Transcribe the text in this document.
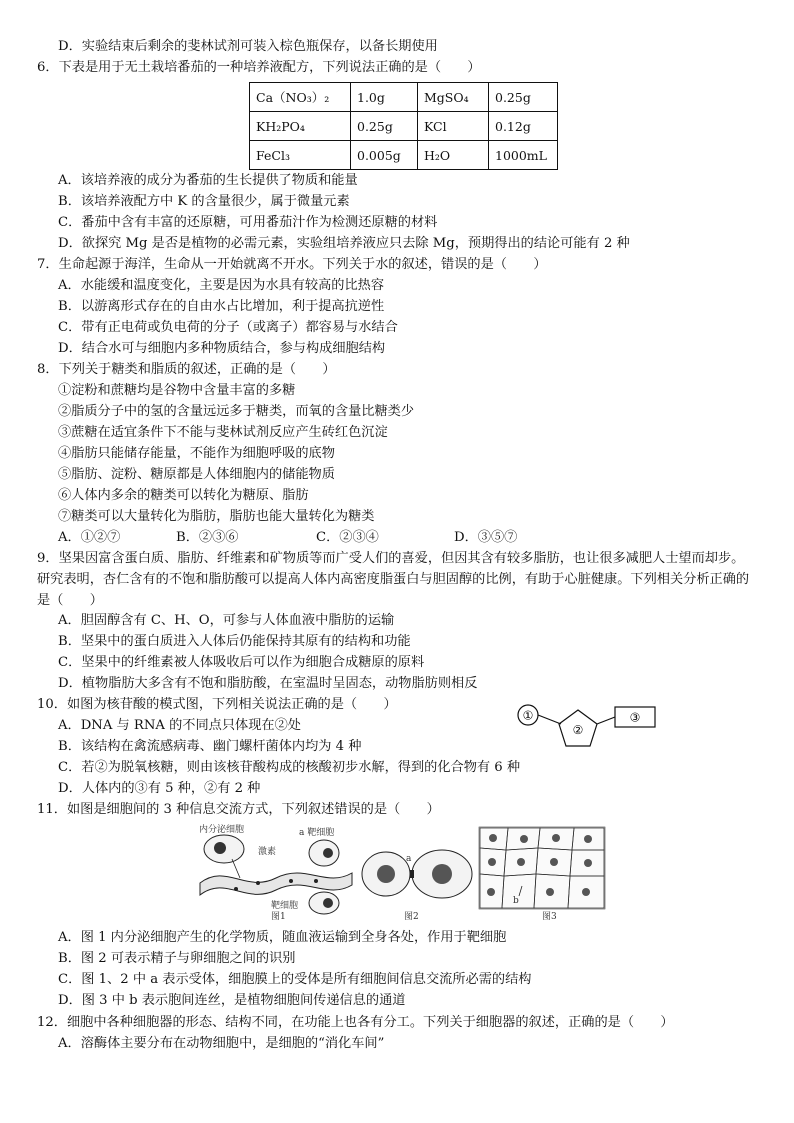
D．实验结束后剩余的斐林试剂可装入棕色瓶保存，以备长期使用
6．下表是用于无土栽培番茄的一种培养液配方，下列说法正确的是（　　）
Ca（NO₃）₂	1.0g	MgSO₄	0.25g
KH₂PO₄	0.25g	KCl	0.12g
FeCl₃	0.005g	H₂O	1000mL
A．该培养液的成分为番茄的生长提供了物质和能量
B．该培养液配方中 K 的含量很少，属于微量元素
C．番茄中含有丰富的还原糖，可用番茄汁作为检测还原糖的材料
D．欲探究 Mg 是否是植物的必需元素，实验组培养液应只去除 Mg，预期得出的结论可能有 2 种
7．生命起源于海洋，生命从一开始就离不开水。下列关于水的叙述，错误的是（　　）
A．水能缓和温度变化，主要是因为水具有较高的比热容
B．以游离形式存在的自由水占比增加，利于提高抗逆性
C．带有正电荷或负电荷的分子（或离子）都容易与水结合
D．结合水可与细胞内多种物质结合，参与构成细胞结构
8．下列关于糖类和脂质的叙述，正确的是（　　）
①淀粉和蔗糖均是谷物中含量丰富的多糖
②脂质分子中的氢的含量远远多于糖类，而氧的含量比糖类少
③蔗糖在适宜条件下不能与斐林试剂反应产生砖红色沉淀
④脂肪只能储存能量，不能作为细胞呼吸的底物
⑤脂肪、淀粉、糖原都是人体细胞内的储能物质
⑥人体内多余的糖类可以转化为糖原、脂肪
⑦糖类可以大量转化为脂肪，脂肪也能大量转化为糖类
A．①②⑦	B．②③⑥	C．②③④	D．③⑤⑦
9．坚果因富含蛋白质、脂肪、纤维素和矿物质等而广受人们的喜爱，但因其含有较多脂肪，也让很多减肥人士望而却步。研究表明，杏仁含有的不饱和脂肪酸可以提高人体内高密度脂蛋白与胆固醇的比例，有助于心脏健康。下列相关分析正确的是（　　）
A．胆固醇含有 C、H、O，可参与人体血液中脂肪的运输
B．坚果中的蛋白质进入人体后仍能保持其原有的结构和功能
C．坚果中的纤维素被人体吸收后可以作为细胞合成糖原的原料
D．植物脂肪大多含有不饱和脂肪酸，在室温时呈固态，动物脂肪则相反
10．如图为核苷酸的模式图，下列相关说法正确的是（　　）
A．DNA 与 RNA 的不同点只体现在②处
B．该结构在禽流感病毒、幽门螺杆菌体内均为 4 种
C．若②为脱氧核糖，则由该核苷酸构成的核酸初步水解，得到的化合物有 6 种
D．人体内的③有 5 种，②有 2 种
①
②
③
11．如图是细胞间的 3 种信息交流方式，下列叙述错误的是（　　）
内分泌细胞	a 靶细胞
激素
靶细胞
图1
a
图2
b
图3
A．图 1 内分泌细胞产生的化学物质，随血液运输到全身各处，作用于靶细胞
B．图 2 可表示精子与卵细胞之间的识别
C．图 1、2 中 a 表示受体，细胞膜上的受体是所有细胞间信息交流所必需的结构
D．图 3 中 b 表示胞间连丝，是植物细胞间传递信息的通道
12．细胞中各种细胞器的形态、结构不同，在功能上也各有分工。下列关于细胞器的叙述，正确的是（　　）
A．溶酶体主要分布在动物细胞中，是细胞的“消化车间”
